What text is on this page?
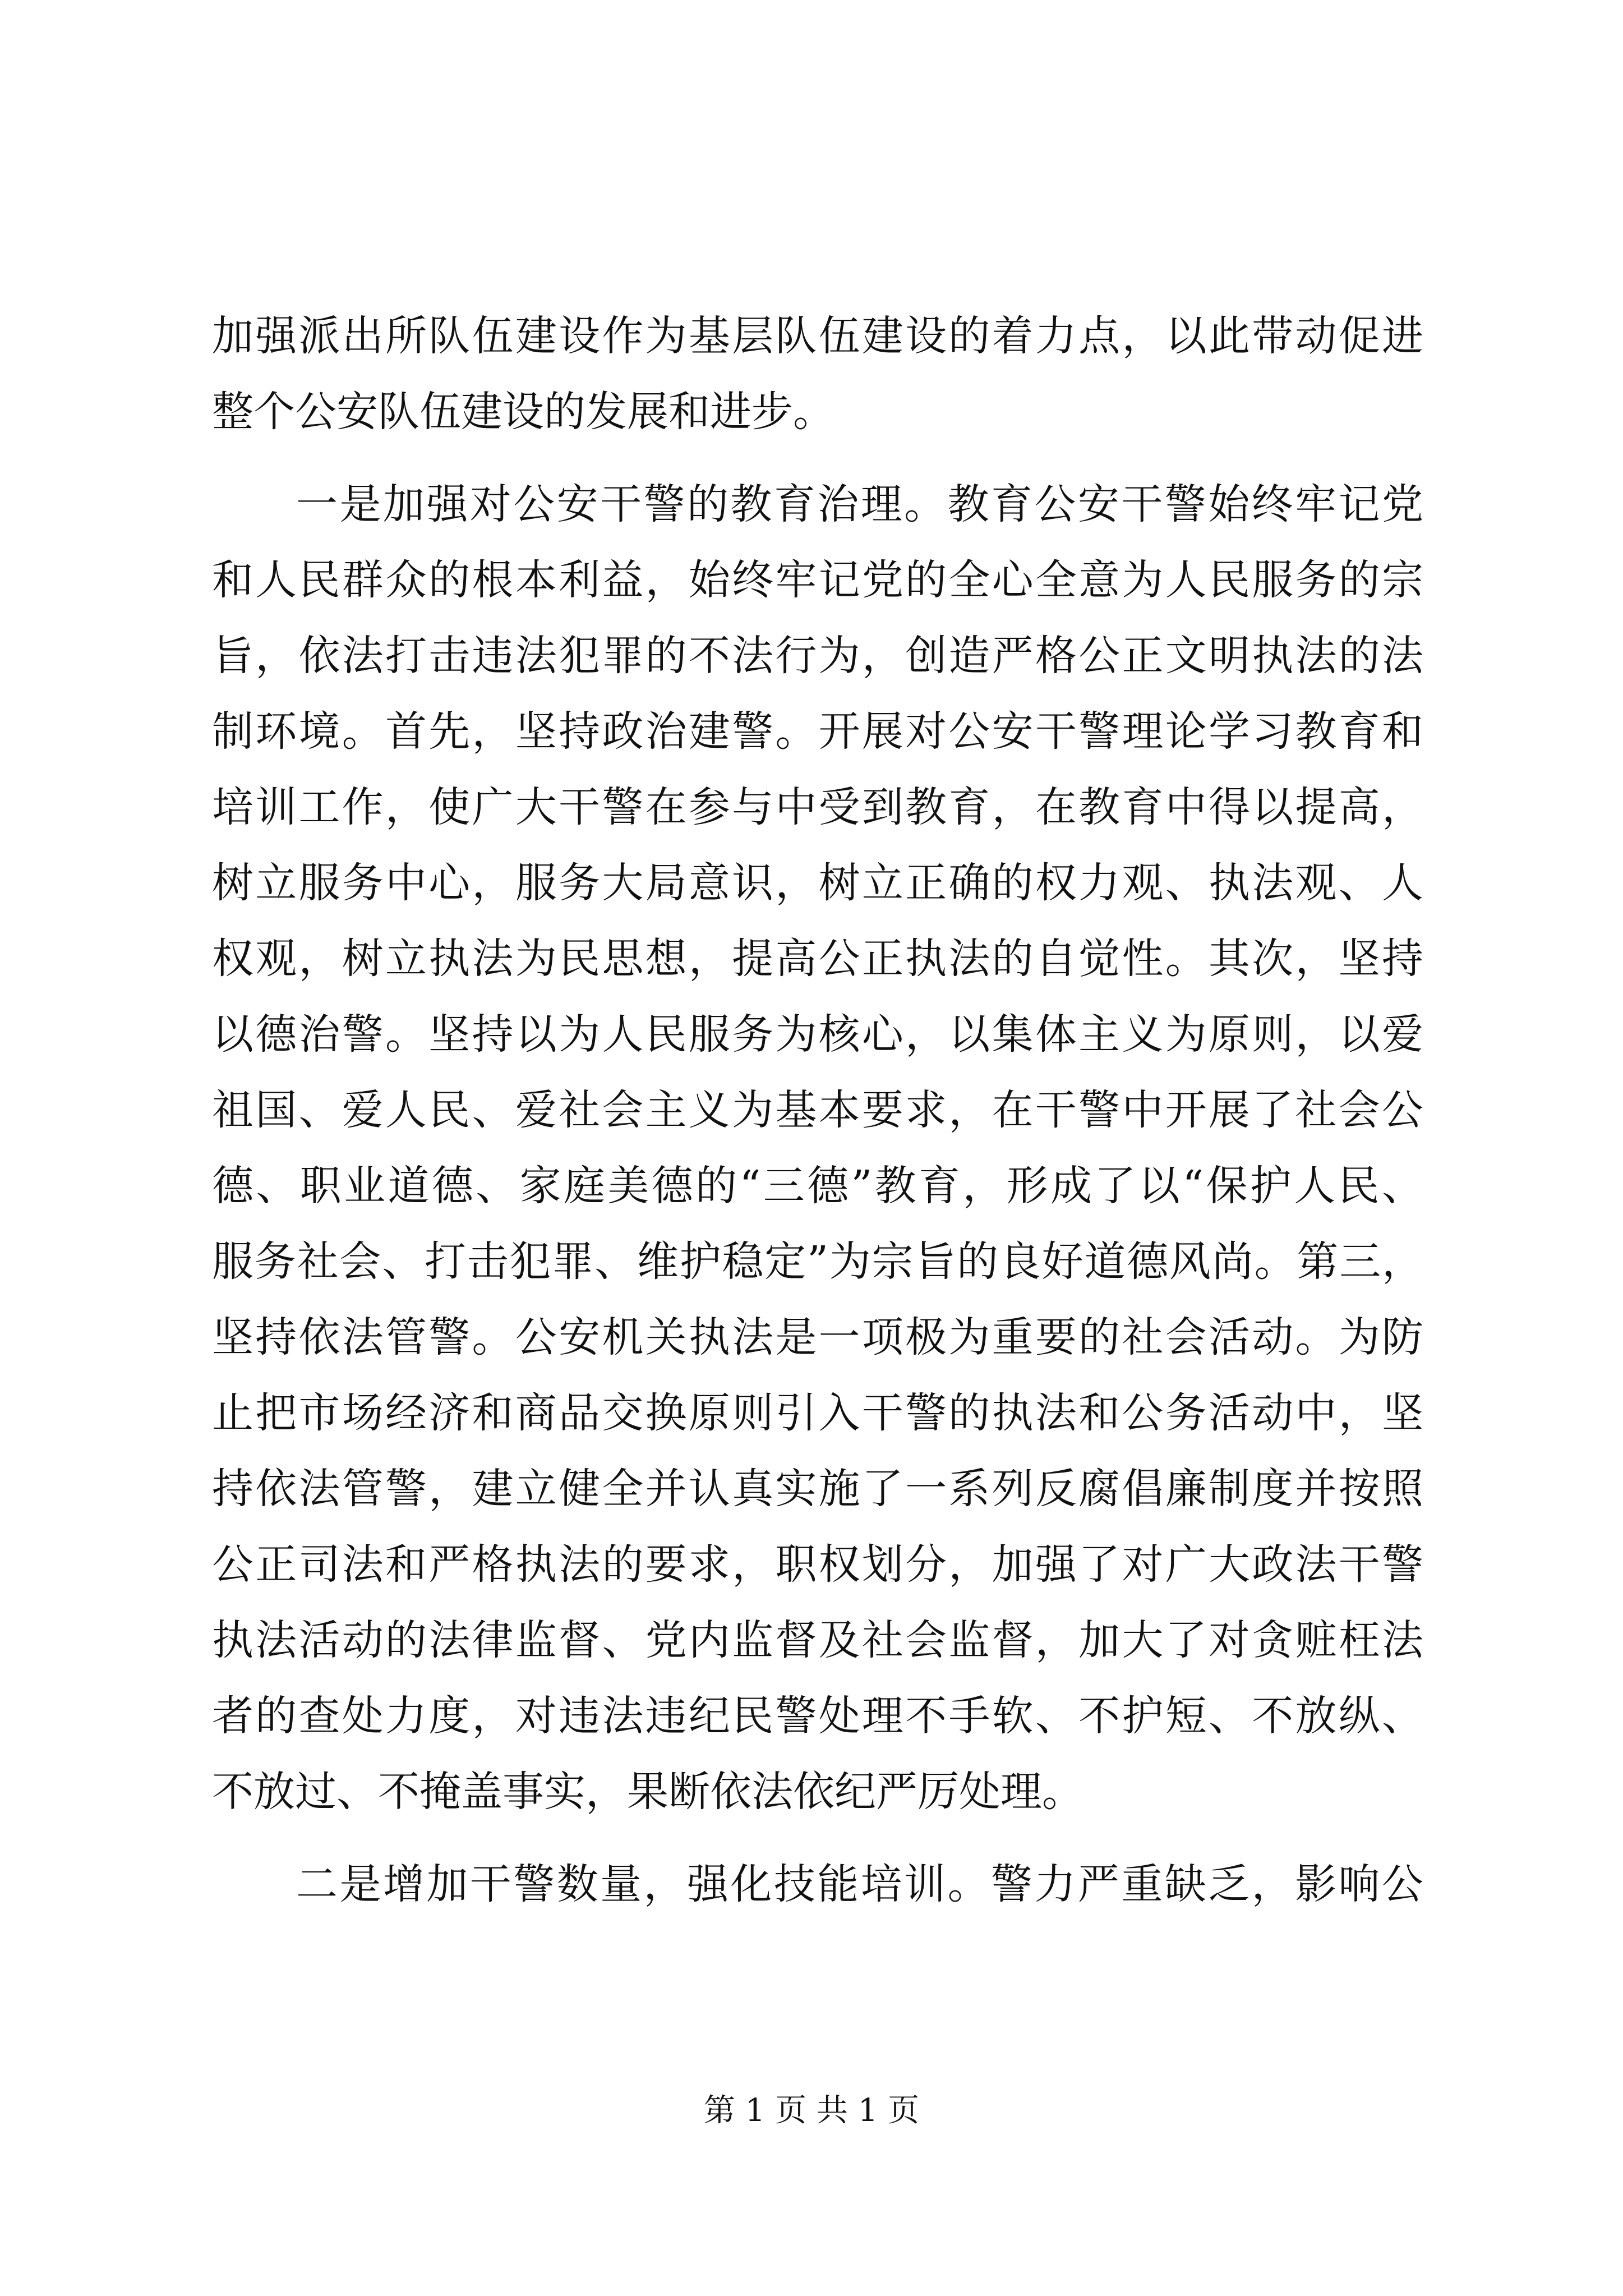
加强派出所队伍建设作为基层队伍建设的着力点，以此带动促进
整个公安队伍建设的发展和进步。
一是加强对公安干警的教育治理。教育公安干警始终牢记党
和人民群众的根本利益，始终牢记党的全心全意为人民服务的宗
旨，依法打击违法犯罪的不法行为，创造严格公正文明执法的法
制环境。首先，坚持政治建警。开展对公安干警理论学习教育和
培训工作，使广大干警在参与中受到教育，在教育中得以提高，
树立服务中心，服务大局意识，树立正确的权力观、执法观、人
权观，树立执法为民思想，提高公正执法的自觉性。其次，坚持
以德治警。坚持以为人民服务为核心，以集体主义为原则，以爱
祖国、爱人民、爱社会主义为基本要求，在干警中开展了社会公
德、职业道德、家庭美德的“三德”教育，形成了以“保护人民、
服务社会、打击犯罪、维护稳定”为宗旨的良好道德风尚。第三，
坚持依法管警。公安机关执法是一项极为重要的社会活动。为防
止把市场经济和商品交换原则引入干警的执法和公务活动中，坚
持依法管警，建立健全并认真实施了一系列反腐倡廉制度并按照
公正司法和严格执法的要求，职权划分，加强了对广大政法干警
执法活动的法律监督、党内监督及社会监督，加大了对贪赃枉法
者的查处力度，对违法违纪民警处理不手软、不护短、不放纵、
不放过、不掩盖事实，果断依法依纪严厉处理。
二是增加干警数量，强化技能培训。警力严重缺乏，影响公
第 1 页 共 1 页
